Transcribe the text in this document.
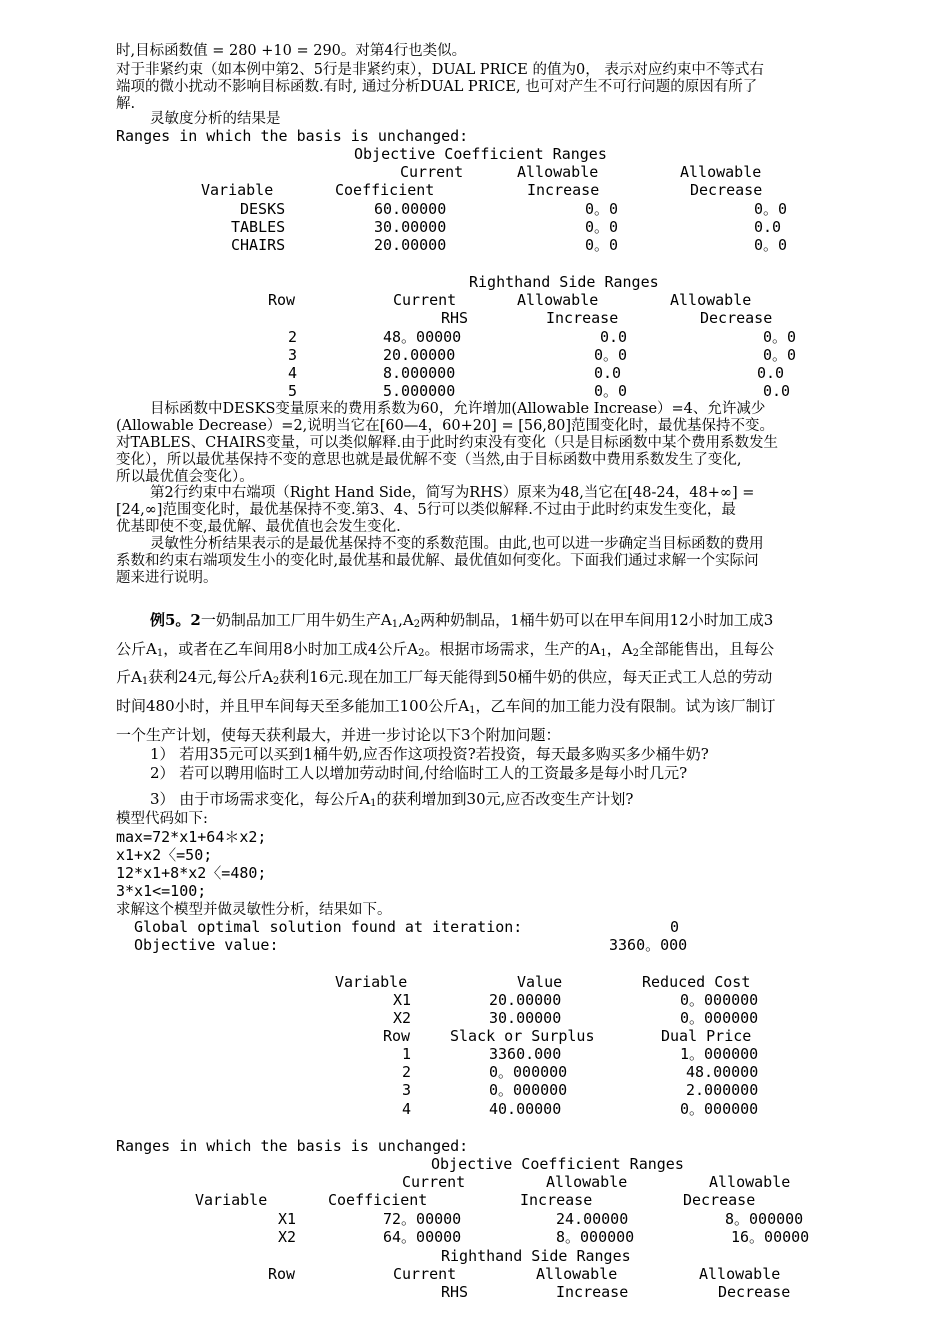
时,目标函数值 = 280 +10 = 290。对第4行也类似。
对于非紧约束（如本例中第2、5行是非紧约束），DUAL PRICE 的值为0， 表示对应约束中不等式右
端项的微小扰动不影响目标函数.有时, 通过分析DUAL PRICE, 也可对产生不可行问题的原因有所了
解.
灵敏度分析的结果是
Ranges in which the basis is unchanged:
Objective Coefficient Ranges
Current	Allowable	Allowable
Variable	Coefficient	Increase	Decrease
DESKS	60.00000	0。0	0。0
TABLES	30.00000	0。0	0.0
CHAIRS	20.00000	0。0	0。0
Righthand Side Ranges
Row	Current	Allowable	Allowable
RHS	Increase	Decrease
2	48。00000	0.0	0。0
3	20.00000	0。0	0。0
4	8.000000	0.0	0.0
5	5.000000	0。0	0.0
目标函数中DESKS变量原来的费用系数为60，允许增加(Allowable Increase）=4、允许减少
(Allowable Decrease）=2,说明当它在[60—4，60+20] = [56,80]范围变化时，最优基保持不变。
对TABLES、CHAIRS变量，可以类似解释.由于此时约束没有变化（只是目标函数中某个费用系数发生
变化），所以最优基保持不变的意思也就是最优解不变（当然,由于目标函数中费用系数发生了变化,
所以最优值会变化）。
第2行约束中右端项（Right Hand Side，简写为RHS）原来为48,当它在[48-24，48+∞] =
[24,∞]范围变化时，最优基保持不变.第3、4、5行可以类似解释.不过由于此时约束发生变化，最
优基即使不变,最优解、最优值也会发生变化.
灵敏性分析结果表示的是最优基保持不变的系数范围。由此,也可以进一步确定当目标函数的费用
系数和约束右端项发生小的变化时,最优基和最优解、最优值如何变化。下面我们通过求解一个实际问
题来进行说明。
例5。2一奶制品加工厂用牛奶生产$A_1,A_2$两种奶制品，1桶牛奶可以在甲车间用12小时加工成3
公斤$A_1$，或者在乙车间用8小时加工成4公斤$A_2$。根据市场需求，生产的$A_1$，$A_2$全部能售出，且每公
斤$A_1$获利24元,每公斤$A_2$获利16元.现在加工厂每天能得到50桶牛奶的供应，每天正式工人总的劳动
时间480小时，并且甲车间每天至多能加工100公斤$A_1$，乙车间的加工能力没有限制。试为该厂制订
一个生产计划，使每天获利最大，并进一步讨论以下3个附加问题：
1） 若用35元可以买到1桶牛奶,应否作这项投资?若投资，每天最多购买多少桶牛奶?
2） 若可以聘用临时工人以增加劳动时间,付给临时工人的工资最多是每小时几元?
3） 由于市场需求变化，每公斤$A_1$的获利增加到30元,应否改变生产计划?
模型代码如下:
max=72*x1+64＊x2;
x1+x2〈=50;
12*x1+8*x2〈=480;
3*x1<=100;
求解这个模型并做灵敏性分析，结果如下。
Global optimal solution found at iteration:	0
Objective value:	3360。000
Variable	Value	Reduced Cost
X1	20.00000	0。000000
X2	30.00000	0。000000
Row	Slack or Surplus	Dual Price
1	3360.000	1。000000
2	0。000000	48.00000
3	0。000000	2.000000
4	40.00000	0。000000
Ranges in which the basis is unchanged:
Objective Coefficient Ranges
Current	Allowable	Allowable
Variable	Coefficient	Increase	Decrease
X1	72。00000	24.00000	8。000000
X2	64。00000	8。000000	16。00000
Righthand Side Ranges
Row	Current	Allowable	Allowable
RHS	Increase	Decrease
